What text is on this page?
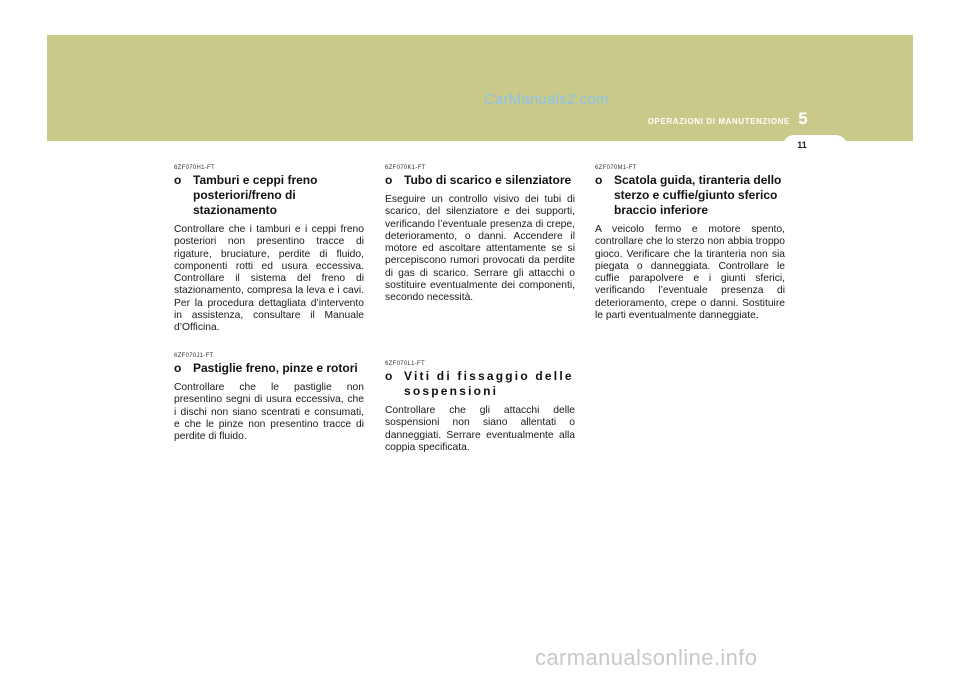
CarManuals2.com
OPERAZIONI DI MANUTENZIONE 5
11
6ZF070H1-FT
o Tamburi e ceppi freno posteriori/freno di stazionamento
Controllare che i tamburi e i ceppi freno posteriori non presentino tracce di rigature, bruciature, perdite di fluido, componenti rotti ed usura eccessiva. Controllare il sistema del freno di stazionamento, compresa la leva e i cavi. Per la procedura dettagliata d’intervento in assistenza, consultare il Manuale d’Officina.
6ZF070J1-FT
o Pastiglie freno, pinze e rotori
Controllare che le pastiglie non presentino segni di usura eccessiva, che i dischi non siano scentrati e consumati, e che le pinze non presentino tracce di perdite di fluido.
6ZF070K1-FT
o Tubo di scarico e silenziatore
Eseguire un controllo visivo dei tubi di scarico, del silenziatore e dei supporti, verificando l’eventuale presenza di crepe, deterioramento, o danni. Accendere il motore ed ascoltare attentamente se si percepiscono rumori provocati da perdite di gas di scarico. Serrare gli attacchi o sostituire eventualmente dei componenti, secondo necessità.
6ZF070L1-FT
o Viti di fissaggio delle sospensioni
Controllare che gli attacchi delle sospensioni non siano allentati o danneggiati. Serrare eventualmente alla coppia specificata.
6ZF070M1-FT
o Scatola guida, tiranteria dello sterzo e cuffie/giunto sferico braccio inferiore
A veicolo fermo e motore spento, controllare che lo sterzo non abbia troppo gioco. Verificare che la tiranteria non sia piegata o danneggiata. Controllare le cuffie parapolvere e i giunti sferici, verificando l’eventuale presenza di deterioramento, crepe o danni. Sostituire le parti eventualmente danneggiate.
carmanualsonline.info
